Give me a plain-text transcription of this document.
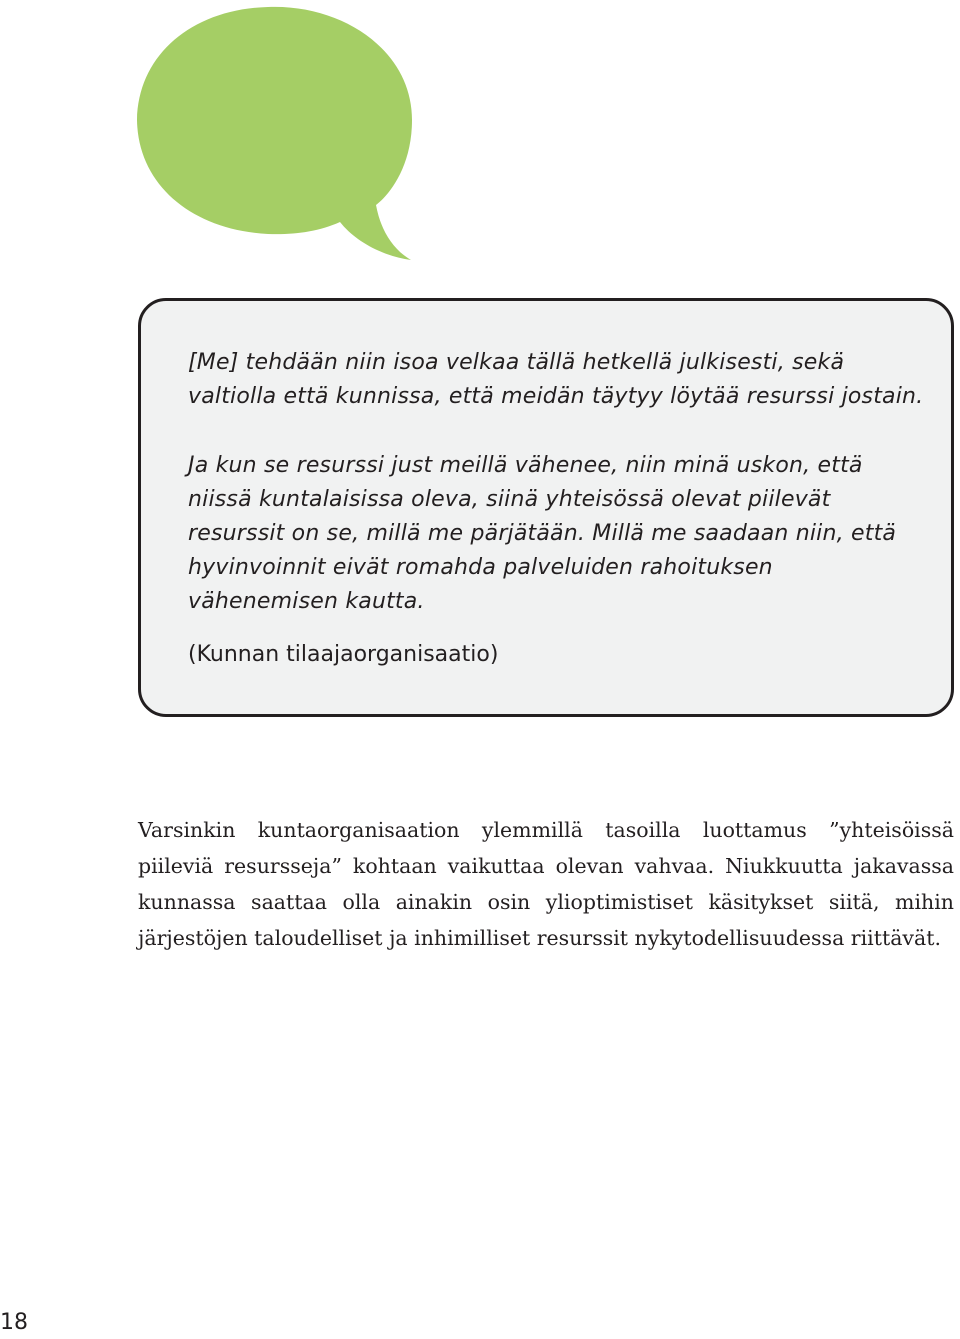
[Me] tehdään niin isoa velkaa tällä hetkellä julkisesti, sekä valtiolla että kunnissa, että meidän täytyy löytää resurssi jostain.

Ja kun se resurssi just meillä vähenee, niin minä uskon, että niissä kuntalaisissa oleva, siinä yhteisössä olevat piilevät resurssit on se, millä me pärjätään. Millä me saadaan niin, että hyvinvoinnit eivät romahda palveluiden rahoituksen vähenemisen kautta.

(Kunnan tilaajaorganisaatio)

Varsinkin kuntaorganisaation ylemmillä tasoilla luottamus ”yhteisöissä piileviä resursseja” kohtaan vaikuttaa olevan vahvaa. Niukkuutta jakavassa kunnassa saattaa olla ainakin osin ylioptimistiset käsitykset siitä, mihin järjestöjen taloudelliset ja inhimilliset resurssit nykytodellisuudessa riittävät.

18
